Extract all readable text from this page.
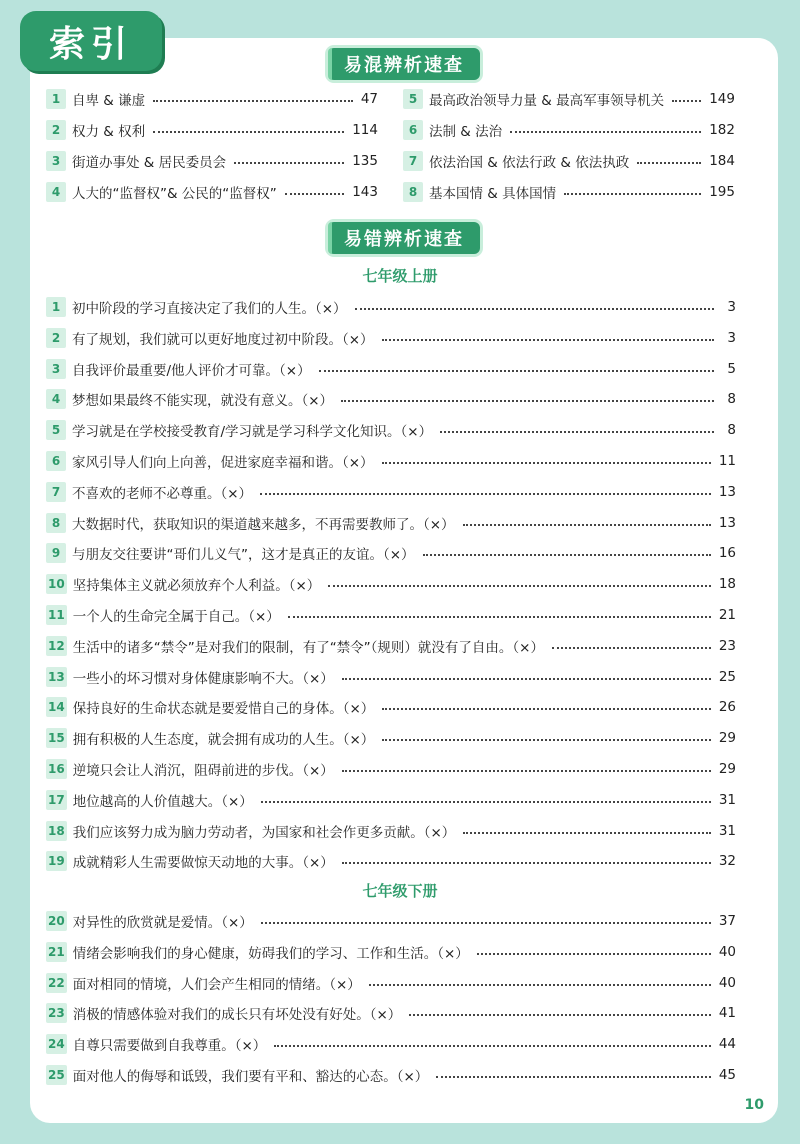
索引
易混辨析速查
1 自卑 & 谦虚	47
2 权力 & 权利	114
3 街道办事处 & 居民委员会	135
4 人大的“监督权”& 公民的“监督权”	143
5 最高政治领导力量 & 最高军事领导机关	149
6 法制 & 法治	182
7 依法治国 & 依法行政 & 依法执政	184
8 基本国情 & 具体国情	195
易错辨析速查
七年级上册
1 初中阶段的学习直接决定了我们的人生。（×）	3
2 有了规划，我们就可以更好地度过初中阶段。（×）	3
3 自我评价最重要/他人评价才可靠。（×）	5
4 梦想如果最终不能实现，就没有意义。（×）	8
5 学习就是在学校接受教育/学习就是学习科学文化知识。（×）	8
6 家风引导人们向上向善，促进家庭幸福和谐。（×）	11
7 不喜欢的老师不必尊重。（×）	13
8 大数据时代，获取知识的渠道越来越多，不再需要教师了。（×）	13
9 与朋友交往要讲“哥们儿义气”，这才是真正的友谊。（×）	16
10 坚持集体主义就必须放弃个人利益。（×）	18
11 一个人的生命完全属于自己。（×）	21
12 生活中的诸多“禁令”是对我们的限制，有了“禁令”（规则）就没有了自由。（×）	23
13 一些小的坏习惯对身体健康影响不大。（×）	25
14 保持良好的生命状态就是要爱惜自己的身体。（×）	26
15 拥有积极的人生态度，就会拥有成功的人生。（×）	29
16 逆境只会让人消沉，阻碍前进的步伐。（×）	29
17 地位越高的人价值越大。（×）	31
18 我们应该努力成为脑力劳动者，为国家和社会作更多贡献。（×）	31
19 成就精彩人生需要做惊天动地的大事。（×）	32
七年级下册
20 对异性的欣赏就是爱情。（×）	37
21 情绪会影响我们的身心健康，妨碍我们的学习、工作和生活。（×）	40
22 面对相同的情境，人们会产生相同的情绪。（×）	40
23 消极的情感体验对我们的成长只有坏处没有好处。（×）	41
24 自尊只需要做到自我尊重。（×）	44
25 面对他人的侮辱和诋毁，我们要有平和、豁达的心态。（×）	45
10
